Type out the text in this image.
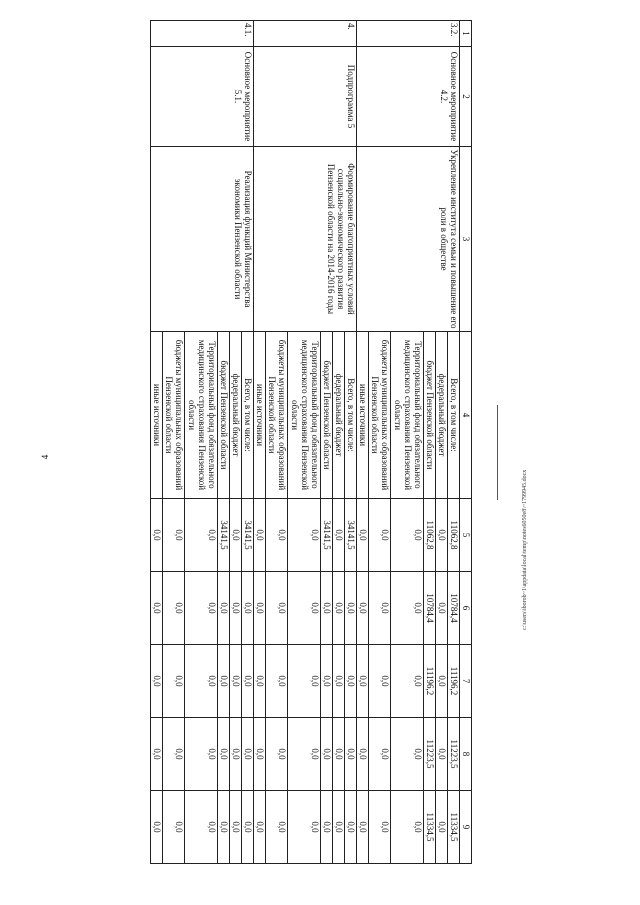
4
c:\users\iborob~1\appdata\local\temp\notes6050e8\~1799945.docx
1	2	3	4	5	6	7	8	9
3.2.	Основное мероприятие 4.2.	Укрепление института семьи и повышение его роли в обществе	Всего, в том числе:	11062,8	10784,4	11196,2	11223,5	11334,5
			федеральный бюджет	0,0	0,0	0,0	0,0	0,0
			бюджет Пензенской области	11062,8	10784,4	11196,2	11223,5	11334,5
			Территориальный фонд обязательного медицинского страхования Пензенской области	0,0	0,0	0,0	0,0	0,0
			бюджеты муниципальных образований Пензенской области	0,0	0,0	0,0	0,0	0,0
			иные источники	0,0	0,0	0,0	0,0	0,0
4.	Подпрограмма 5	Формирование благоприятных условий социально-экономического развития Пензенской области на 2014-2016 годы	Всего, в том числе:	34141,5	0,0	0,0	0,0	0,0
			федеральный бюджет	0,0	0,0	0,0	0,0	0,0
			бюджет Пензенской области	34141,5	0,0	0,0	0,0	0,0
			Территориальный фонд обязательного медицинского страхования Пензенской области	0,0	0,0	0,0	0,0	0,0
			бюджеты муниципальных образований Пензенской области	0,0	0,0	0,0	0,0	0,0
			иные источники	0,0	0,0	0,0	0,0	0,0
4.1.	Основное мероприятие 5.1.	Реализация функций Министерства экономики Пензенской области	Всего, в том числе:	34141,5	0,0	0,0	0,0	0,0
			федеральный бюджет	0,0	0,0	0,0	0,0	0,0
			бюджет Пензенской области	34141,5	0,0	0,0	0,0	0,0
			Территориальный фонд обязательного медицинского страхования Пензенской области	0,0	0,0	0,0	0,0	0,0
			бюджеты муниципальных образований Пензенской области	0,0	0,0	0,0	0,0	0,0
			иные источники	0,0	0,0	0,0	0,0	0,0
